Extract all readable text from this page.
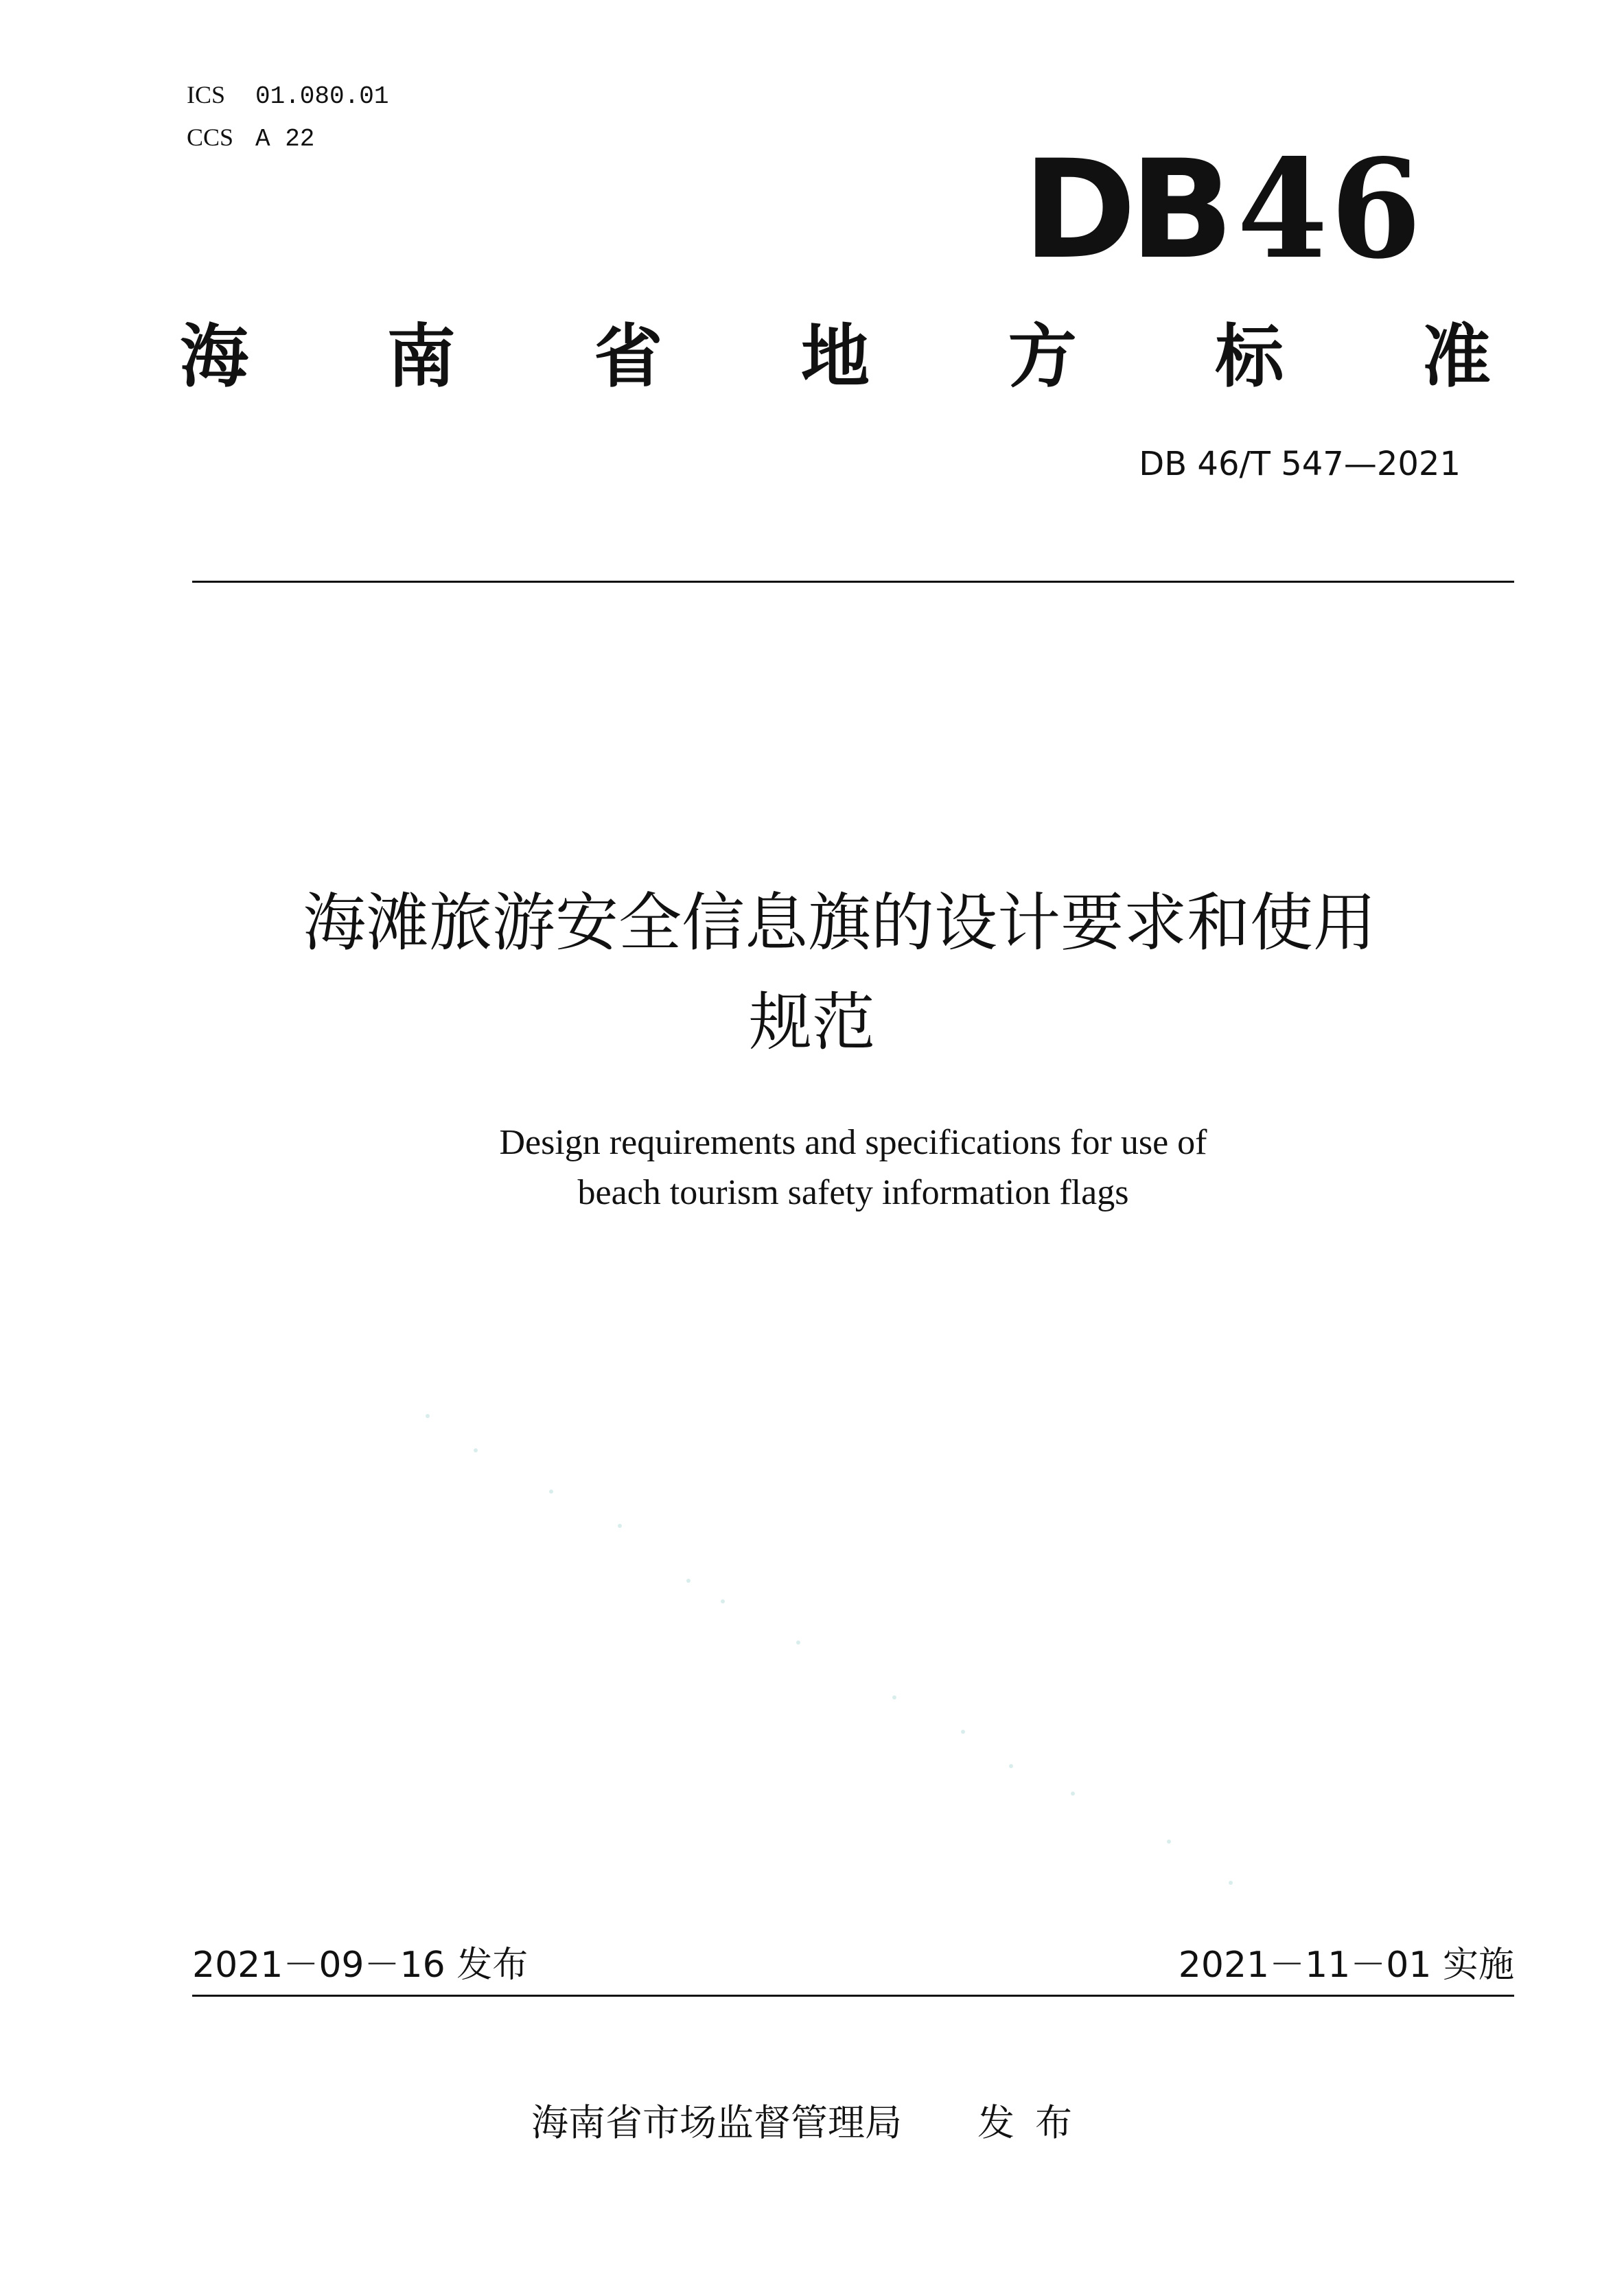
ICS 01.080.01
CCS A 22	DB46
海 南 省 地 方 标 准
DB 46/T 547—2021
海滩旅游安全信息旗的设计要求和使用
规范
Design requirements and specifications for use of
beach tourism safety information flags
2021－09－16 发布	2021－11－01 实施
海南省市场监督管理局 发布
